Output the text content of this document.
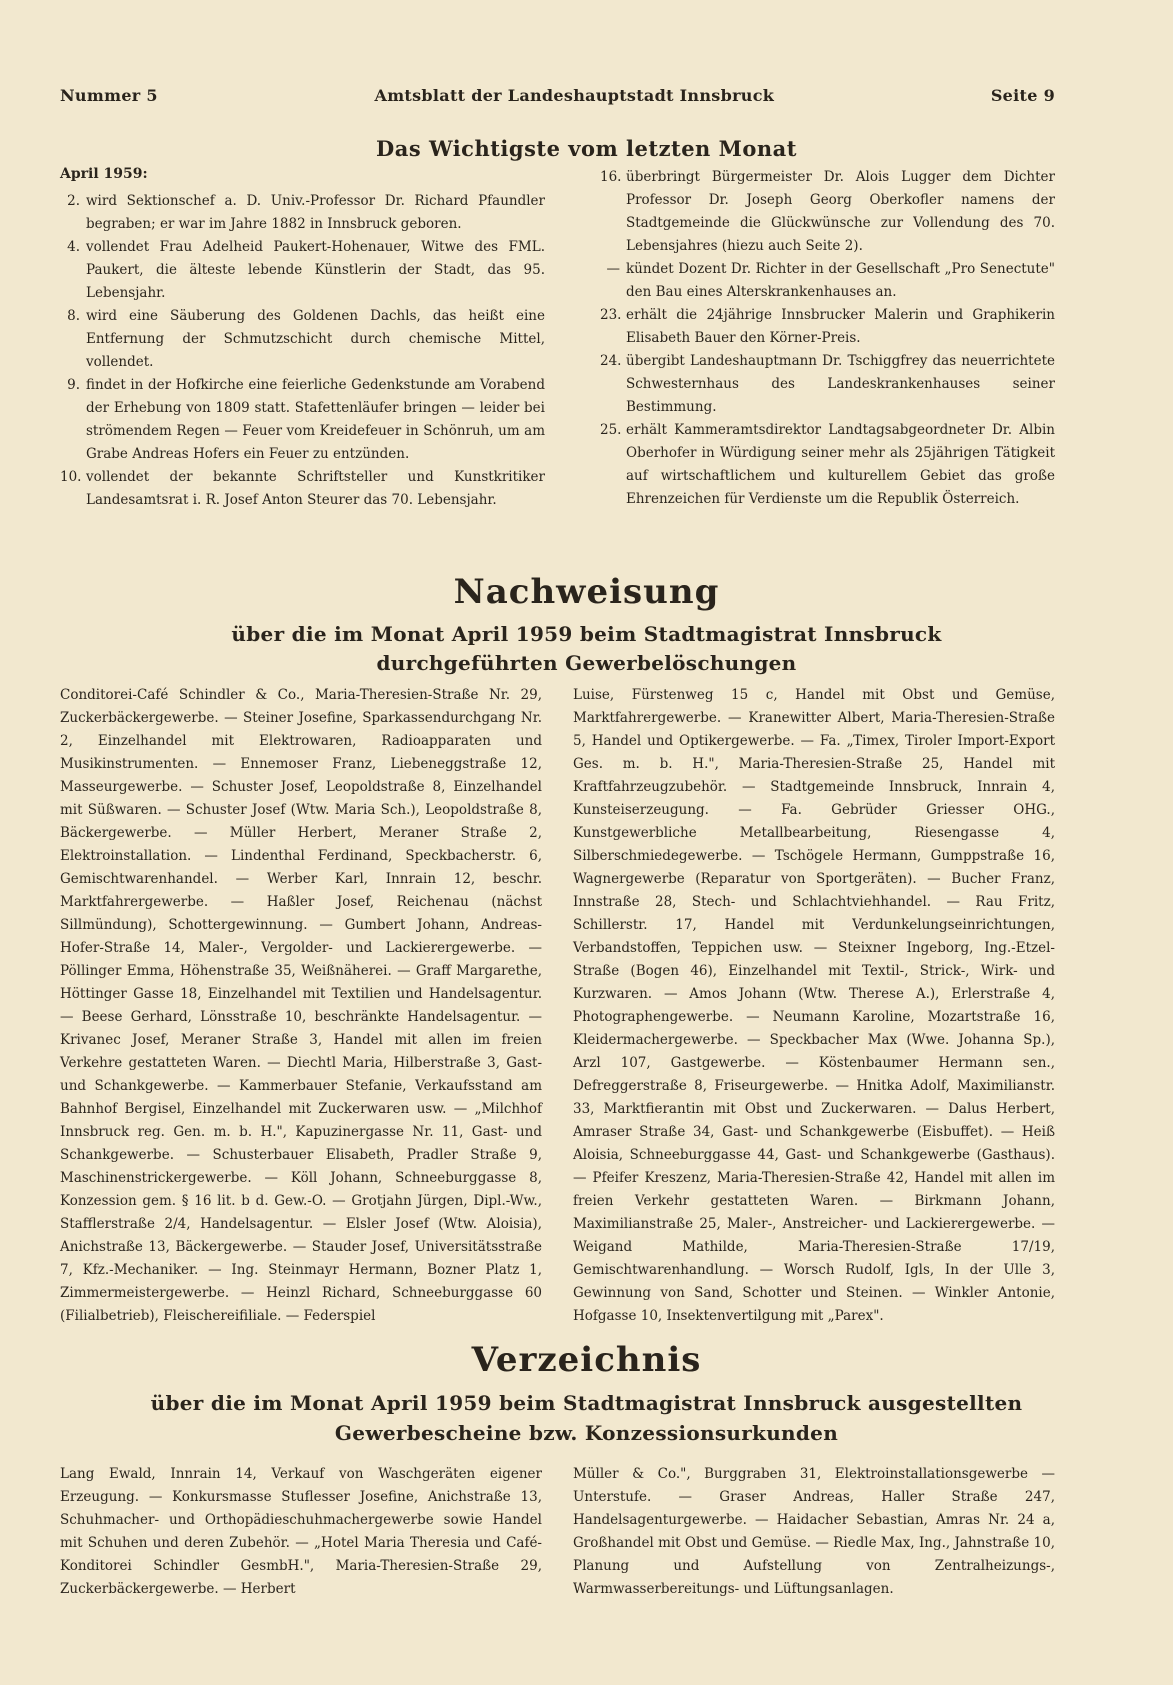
Nummer 5	Amtsblatt der Landeshauptstadt Innsbruck	Seite 9
Das Wichtigste vom letzten Monat
April 1959:
2. wird Sektionschef a. D. Univ.-Professor Dr. Richard Pfaundler begraben; er war im Jahre 1882 in Innsbruck geboren.
4. vollendet Frau Adelheid Paukert-Hohenauer, Witwe des FML. Paukert, die älteste lebende Künstlerin der Stadt, das 95. Lebensjahr.
8. wird eine Säuberung des Goldenen Dachls, das heißt eine Entfernung der Schmutzschicht durch chemische Mittel, vollendet.
9. findet in der Hofkirche eine feierliche Gedenkstunde am Vorabend der Erhebung von 1809 statt. Stafettenläufer bringen — leider bei strömendem Regen — Feuer vom Kreidefeuer in Schönruh, um am Grabe Andreas Hofers ein Feuer zu entzünden.
10. vollendet der bekannte Schriftsteller und Kunstkritiker Landesamtsrat i. R. Josef Anton Steurer das 70. Lebensjahr.
16. überbringt Bürgermeister Dr. Alois Lugger dem Dichter Professor Dr. Joseph Georg Oberkofler namens der Stadtgemeinde die Glückwünsche zur Vollendung des 70. Lebensjahres (hiezu auch Seite 2).
— kündet Dozent Dr. Richter in der Gesellschaft „Pro Senectute" den Bau eines Alterskrankenhauses an.
23. erhält die 24jährige Innsbrucker Malerin und Graphikerin Elisabeth Bauer den Körner-Preis.
24. übergibt Landeshauptmann Dr. Tschiggfrey das neuerrichtete Schwesternhaus des Landeskrankenhauses seiner Bestimmung.
25. erhält Kammeramtsdirektor Landtagsabgeordneter Dr. Albin Oberhofer in Würdigung seiner mehr als 25jährigen Tätigkeit auf wirtschaftlichem und kulturellem Gebiet das große Ehrenzeichen für Verdienste um die Republik Österreich.
Nachweisung
über die im Monat April 1959 beim Stadtmagistrat Innsbruck
durchgeführten Gewerbelöschungen

Conditorei-Café Schindler & Co., Maria-Theresien-Straße Nr. 29, Zuckerbäckergewerbe. — Steiner Josefine, Sparkassendurchgang Nr. 2, Einzelhandel mit Elektrowaren, Radioapparaten und Musikinstrumenten. — Ennemoser Franz, Liebeneggstraße 12, Masseurgewerbe. — Schuster Josef, Leopoldstraße 8, Einzelhandel mit Süßwaren. — Schuster Josef (Wtw. Maria Sch.), Leopoldstraße 8, Bäckergewerbe. — Müller Herbert, Meraner Straße 2, Elektroinstallation. — Lindenthal Ferdinand, Speckbacherstr. 6, Gemischtwarenhandel. — Werber Karl, Innrain 12, beschr. Marktfahrergewerbe. — Haßler Josef, Reichenau (nächst Sillmündung), Schottergewinnung. — Gumbert Johann, Andreas-Hofer-Straße 14, Maler-, Vergolder- und Lackierergewerbe. — Pöllinger Emma, Höhenstraße 35, Weißnäherei. — Graff Margarethe, Höttinger Gasse 18, Einzelhandel mit Textilien und Handelsagentur. — Beese Gerhard, Lönsstraße 10, beschränkte Handelsagentur. — Krivanec Josef, Meraner Straße 3, Handel mit allen im freien Verkehre gestatteten Waren. — Diechtl Maria, Hilberstraße 3, Gast- und Schankgewerbe. — Kammerbauer Stefanie, Verkaufsstand am Bahnhof Bergisel, Einzelhandel mit Zuckerwaren usw. — „Milchhof Innsbruck reg. Gen. m. b. H.", Kapuzinergasse Nr. 11, Gast- und Schankgewerbe. — Schusterbauer Elisabeth, Pradler Straße 9, Maschinenstrickergewerbe. — Köll Johann, Schneeburggasse 8, Konzession gem. § 16 lit. b d. Gew.-O. — Grotjahn Jürgen, Dipl.-Ww., Stafflerstraße 2/4, Handelsagentur. — Elsler Josef (Wtw. Aloisia), Anichstraße 13, Bäckergewerbe. — Stauder Josef, Universitätsstraße 7, Kfz.-Mechaniker. — Ing. Steinmayr Hermann, Bozner Platz 1, Zimmermeistergewerbe. — Heinzl Richard, Schneeburggasse 60 (Filialbetrieb), Fleischereifiliale. — Federspiel

Luise, Fürstenweg 15 c, Handel mit Obst und Gemüse, Marktfahrergewerbe. — Kranewitter Albert, Maria-Theresien-Straße 5, Handel und Optikergewerbe. — Fa. „Timex, Tiroler Import-Export Ges. m. b. H.", Maria-Theresien-Straße 25, Handel mit Kraftfahrzeugzubehör. — Stadtgemeinde Innsbruck, Innrain 4, Kunsteiserzeugung. — Fa. Gebrüder Griesser OHG., Kunstgewerbliche Metallbearbeitung, Riesengasse 4, Silberschmiedegewerbe. — Tschögele Hermann, Gumppstraße 16, Wagnergewerbe (Reparatur von Sportgeräten). — Bucher Franz, Innstraße 28, Stech- und Schlachtviehhandel. — Rau Fritz, Schillerstr. 17, Handel mit Verdunkelungseinrichtungen, Verbandstoffen, Teppichen usw. — Steixner Ingeborg, Ing.-Etzel-Straße (Bogen 46), Einzelhandel mit Textil-, Strick-, Wirk- und Kurzwaren. — Amos Johann (Wtw. Therese A.), Erlerstraße 4, Photographengewerbe. — Neumann Karoline, Mozartstraße 16, Kleidermachergewerbe. — Speckbacher Max (Wwe. Johanna Sp.), Arzl 107, Gastgewerbe. — Köstenbaumer Hermann sen., Defreggerstraße 8, Friseurgewerbe. — Hnitka Adolf, Maximilianstr. 33, Marktfierantin mit Obst und Zuckerwaren. — Dalus Herbert, Amraser Straße 34, Gast- und Schankgewerbe (Eisbuffet). — Heiß Aloisia, Schneeburggasse 44, Gast- und Schankgewerbe (Gasthaus). — Pfeifer Kreszenz, Maria-Theresien-Straße 42, Handel mit allen im freien Verkehr gestatteten Waren. — Birkmann Johann, Maximilianstraße 25, Maler-, Anstreicher- und Lackierergewerbe. — Weigand Mathilde, Maria-Theresien-Straße 17/19, Gemischtwarenhandlung. — Worsch Rudolf, Igls, In der Ulle 3, Gewinnung von Sand, Schotter und Steinen. — Winkler Antonie, Hofgasse 10, Insektenvertilgung mit „Parex".

Verzeichnis
über die im Monat April 1959 beim Stadtmagistrat Innsbruck ausgestellten
Gewerbescheine bzw. Konzessionsurkunden

Lang Ewald, Innrain 14, Verkauf von Waschgeräten eigener Erzeugung. — Konkursmasse Stuflesser Josefine, Anichstraße 13, Schuhmacher- und Orthopädieschuhmachergewerbe sowie Handel mit Schuhen und deren Zubehör. — „Hotel Maria Theresia und Café-Konditorei Schindler GesmbH.", Maria-Theresien-Straße 29, Zuckerbäckergewerbe. — Herbert

Müller & Co.", Burggraben 31, Elektroinstallationsgewerbe — Unterstufe. — Graser Andreas, Haller Straße 247, Handelsagenturgewerbe. — Haidacher Sebastian, Amras Nr. 24 a, Großhandel mit Obst und Gemüse. — Riedle Max, Ing., Jahnstraße 10, Planung und Aufstellung von Zentralheizungs-, Warmwasserbereitungs- und Lüftungsanlagen.
